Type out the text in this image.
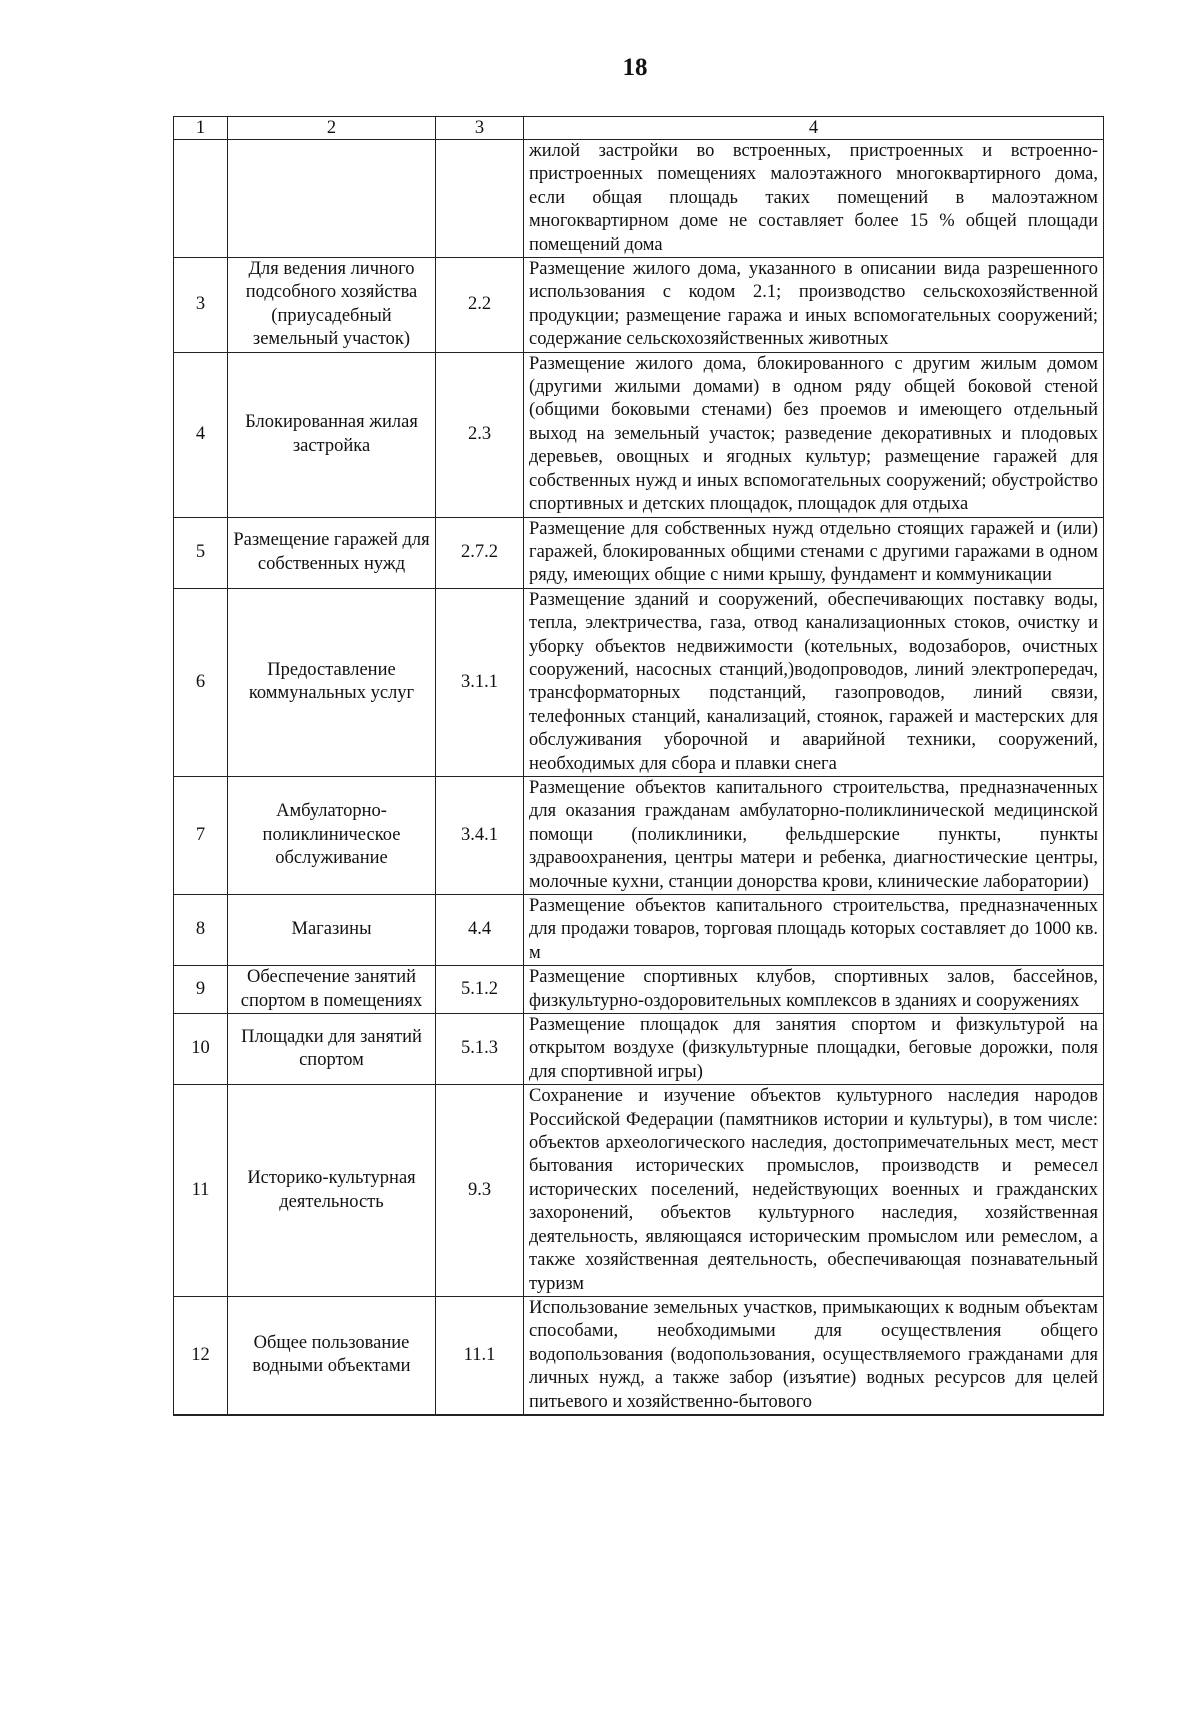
18
1	2	3	4
			жилой застройки во встроенных, пристроенных и встроенно-пристроенных помещениях малоэтажного многоквартирного дома, если общая площадь таких помещений в малоэтажном многоквартирном доме не составляет более 15 % общей площади помещений дома
3	Для ведения личного подсобного хозяйства (приусадебный земельный участок)	2.2	Размещение жилого дома, указанного в описании вида разрешенного использования с кодом 2.1; производство сельскохозяйственной продукции; размещение гаража и иных вспомогательных сооружений; содержание сельскохозяйственных животных
4	Блокированная жилая застройка	2.3	Размещение жилого дома, блокированного с другим жилым домом (другими жилыми домами) в одном ряду общей боковой стеной (общими боковыми стенами) без проемов и имеющего отдельный выход на земельный участок; разведение декоративных и плодовых деревьев, овощных и ягодных культур; размещение гаражей для собственных нужд и иных вспомогательных сооружений; обустройство спортивных и детских площадок, площадок для отдыха
5	Размещение гаражей для собственных нужд	2.7.2	Размещение для собственных нужд отдельно стоящих гаражей и (или) гаражей, блокированных общими стенами с другими гаражами в одном ряду, имеющих общие с ними крышу, фундамент и коммуникации
6	Предоставление коммунальных услуг	3.1.1	Размещение зданий и сооружений, обеспечивающих поставку воды, тепла, электричества, газа, отвод канализационных стоков, очистку и уборку объектов недвижимости (котельных, водозаборов, очистных сооружений, насосных станций,)водопроводов, линий электропередач, трансформаторных подстанций, газопроводов, линий связи, телефонных станций, канализаций, стоянок, гаражей и мастерских для обслуживания уборочной и аварийной техники, сооружений, необходимых для сбора и плавки снега
7	Амбулаторно-поликлиническое обслуживание	3.4.1	Размещение объектов капитального строительства, предназначенных для оказания гражданам амбулаторно-поликлинической медицинской помощи (поликлиники, фельдшерские пункты, пункты здравоохранения, центры матери и ребенка, диагностические центры, молочные кухни, станции донорства крови, клинические лаборатории)
8	Магазины	4.4	Размещение объектов капитального строительства, предназначенных для продажи товаров, торговая площадь которых составляет до 1000 кв. м
9	Обеспечение занятий спортом в помещениях	5.1.2	Размещение спортивных клубов, спортивных залов, бассейнов, физкультурно-оздоровительных комплексов в зданиях и сооружениях
10	Площадки для занятий спортом	5.1.3	Размещение площадок для занятия спортом и физкультурой на открытом воздухе (физкультурные площадки, беговые дорожки, поля для спортивной игры)
11	Историко-культурная деятельность	9.3	Сохранение и изучение объектов культурного наследия народов Российской Федерации (памятников истории и культуры), в том числе: объектов археологического наследия, достопримечательных мест, мест бытования исторических промыслов, производств и ремесел исторических поселений, недействующих военных и гражданских захоронений, объектов культурного наследия, хозяйственная деятельность, являющаяся историческим промыслом или ремеслом, а также хозяйственная деятельность, обеспечивающая познавательный туризм
12	Общее пользование водными объектами	11.1	Использование земельных участков, примыкающих к водным объектам способами, необходимыми для осуществления общего водопользования (водопользования, осуществляемого гражданами для личных нужд, а также забор (изъятие) водных ресурсов для целей питьевого и хозяйственно-бытового
